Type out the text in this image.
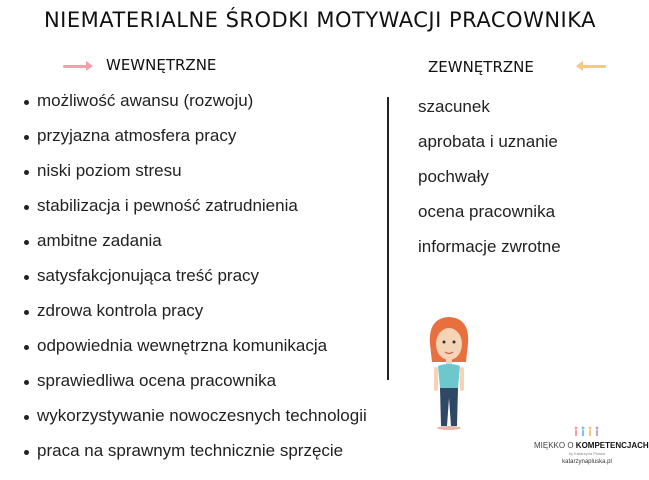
NIEMATERIALNE ŚRODKI MOTYWACJI PRACOWNIKA
WEWNĘTRZNE	ZEWNĘTRZNE
możliwość awansu (rozwoju)
przyjazna atmosfera pracy
niski poziom stresu
stabilizacja i pewność zatrudnienia
ambitne zadania
satysfakcjonująca treść pracy
zdrowa kontrola pracy
odpowiednia wewnętrzna komunikacja
sprawiedliwa ocena pracownika
wykorzystywanie nowoczesnych technologii
praca na sprawnym technicznie sprzęcie
szacunek
aprobata i uznanie
pochwały
ocena pracownika
informacje zwrotne
MIĘKKO O KOMPETENCJACH
by Katarzyna Płuska
katarzynapluska.pl
